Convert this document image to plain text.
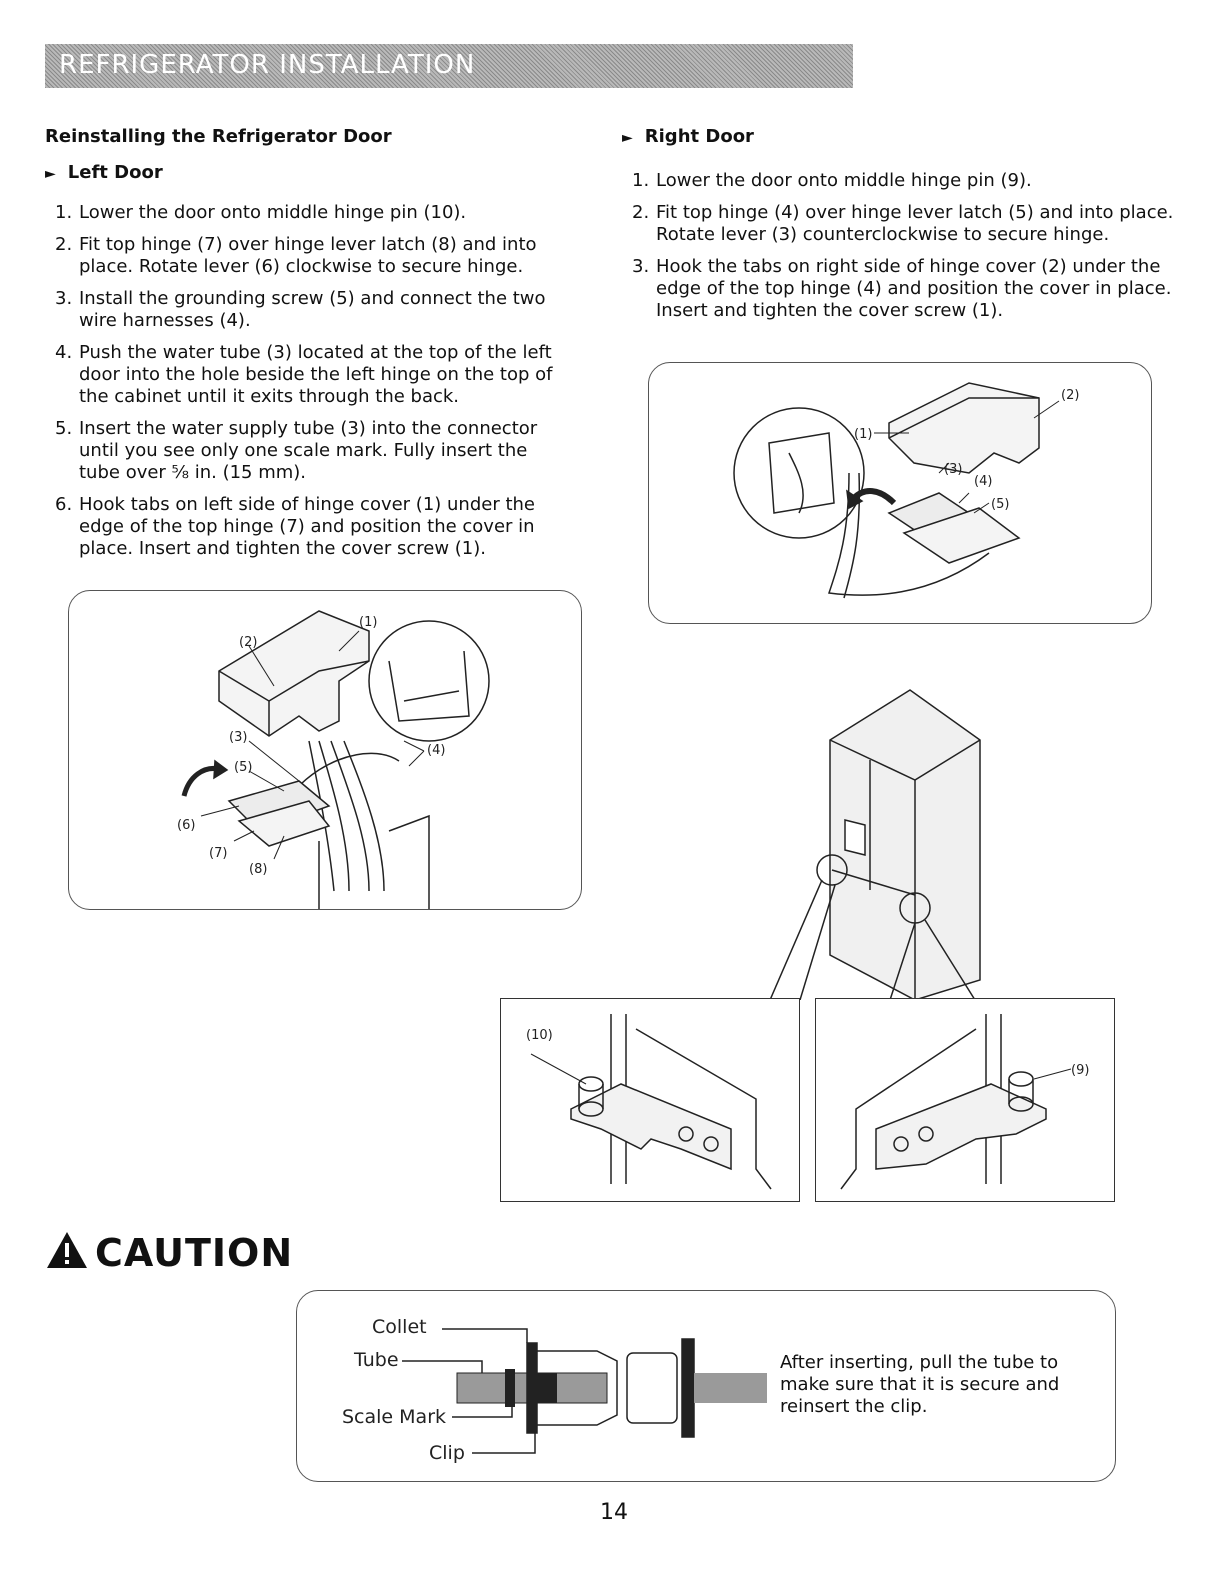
REFRIGERATOR INSTALLATION
Reinstalling the Refrigerator Door
► Left Door
1. Lower the door onto middle hinge pin (10).
2. Fit top hinge (7) over hinge lever latch (8) and into place. Rotate lever (6) clockwise to secure hinge.
3. Install the grounding screw (5) and connect the two wire harnesses (4).
4. Push the water tube (3) located at the top of the left door into the hole beside the left hinge on the top of the cabinet until it exits through the back.
5. Insert the water supply tube (3) into the connector until you see only one scale mark. Fully insert the tube over ⅝ in. (15 mm).
6. Hook tabs on left side of hinge cover (1) under the edge of the top hinge (7) and position the cover in place. Insert and tighten the cover screw (1).
► Right Door
1. Lower the door onto middle hinge pin (9).
2. Fit top hinge (4) over hinge lever latch (5) and into place. Rotate lever (3) counterclockwise to secure hinge.
3. Hook the tabs on right side of hinge cover (2) under the edge of the top hinge (4) and position the cover in place. Insert and tighten the cover screw (1).
(2)
(1)
(3)
(5)
(4)
(6)
(7)
(8)
(1)
(2)
(3)
(4)
(5)
(10)
(9)
CAUTION
Collet
Tube
Scale Mark
Clip
After inserting, pull the tube to make sure that it is secure and reinsert the clip.
14
